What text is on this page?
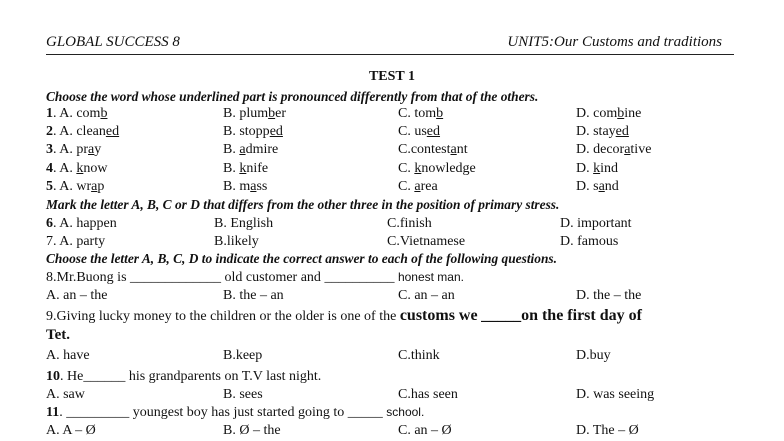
GLOBAL SUCCESS 8	UNIT5:Our Customs and traditions
TEST 1
Choose the word whose underlined part is pronounced differently from that of the others.
1. A. comb	B. plumber	C. tomb	D. combine
2. A. cleaned	B. stopped	C. used	D. stayed
3. A. pray	B. admire	C.contestant	D. decorative
4. A. know	B. knife	C. knowledge	D. kind
5. A. wrap	B. mass	C. area	D. sand
Mark the letter A, B, C or D that differs from the other three in the position of primary stress.
6. A. happen	B. English	C.finish	D. important
7. A. party	B.likely	C.Vietnamese	D. famous
Choose the letter A, B, C, D to indicate the correct answer to each of the following questions.
8.Mr.Buong is _____________ old customer and __________ honest man.
A. an – the	B. the – an	C. an – an	D. the – the
9.Giving lucky money to the children or the older is one of the customs we _____on the first day of
Tet.
A. have	B.keep	C.think	D.buy
10. He______ his grandparents on T.V last night.
A. saw	B. sees	C.has seen	D. was seeing
11. _________ youngest boy has just started going to _____ school.
A. A – Ø	B. Ø – the	C. an – Ø	D. The – Ø
